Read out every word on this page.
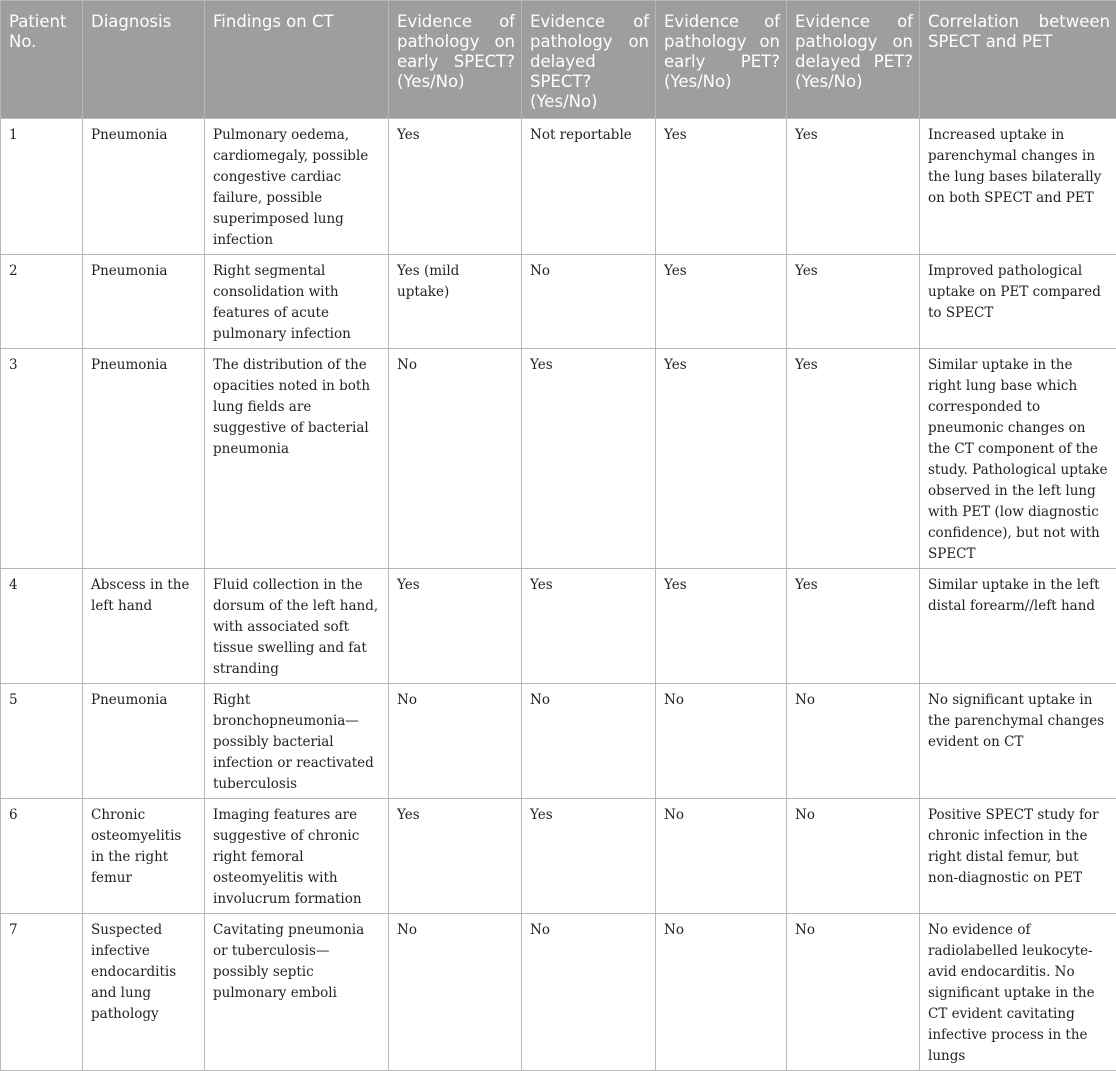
Patient No.	Diagnosis	Findings on CT	Evidence of pathology on early SPECT? (Yes/No)	Evidence of pathology on delayed SPECT? (Yes/No)	Evidence of pathology on early PET? (Yes/No)	Evidence of pathology on delayed PET? (Yes/No)	Correlation between SPECT and PET
1	Pneumonia	Pulmonary oedema, cardiomegaly, possible congestive cardiac failure, possible superimposed lung infection	Yes	Not reportable	Yes	Yes	Increased uptake in parenchymal changes in the lung bases bilaterally on both SPECT and PET
2	Pneumonia	Right segmental consolidation with features of acute pulmonary infection	Yes (mild uptake)	No	Yes	Yes	Improved pathological uptake on PET compared to SPECT
3	Pneumonia	The distribution of the opacities noted in both lung fields are suggestive of bacterial pneumonia	No	Yes	Yes	Yes	Similar uptake in the right lung base which corresponded to pneumonic changes on the CT component of the study. Pathological uptake observed in the left lung with PET (low diagnostic confidence), but not with SPECT
4	Abscess in the left hand	Fluid collection in the dorsum of the left hand, with associated soft tissue swelling and fat stranding	Yes	Yes	Yes	Yes	Similar uptake in the left distal forearm//left hand
5	Pneumonia	Right bronchopneumonia—possibly bacterial infection or reactivated tuberculosis	No	No	No	No	No significant uptake in the parenchymal changes evident on CT
6	Chronic osteomyelitis in the right femur	Imaging features are suggestive of chronic right femoral osteomyelitis with involucrum formation	Yes	Yes	No	No	Positive SPECT study for chronic infection in the right distal femur, but non-diagnostic on PET
7	Suspected infective endocarditis and lung pathology	Cavitating pneumonia or tuberculosis—possibly septic pulmonary emboli	No	No	No	No	No evidence of radiolabelled leukocyte-avid endocarditis. No significant uptake in the CT evident cavitating infective process in the lungs
